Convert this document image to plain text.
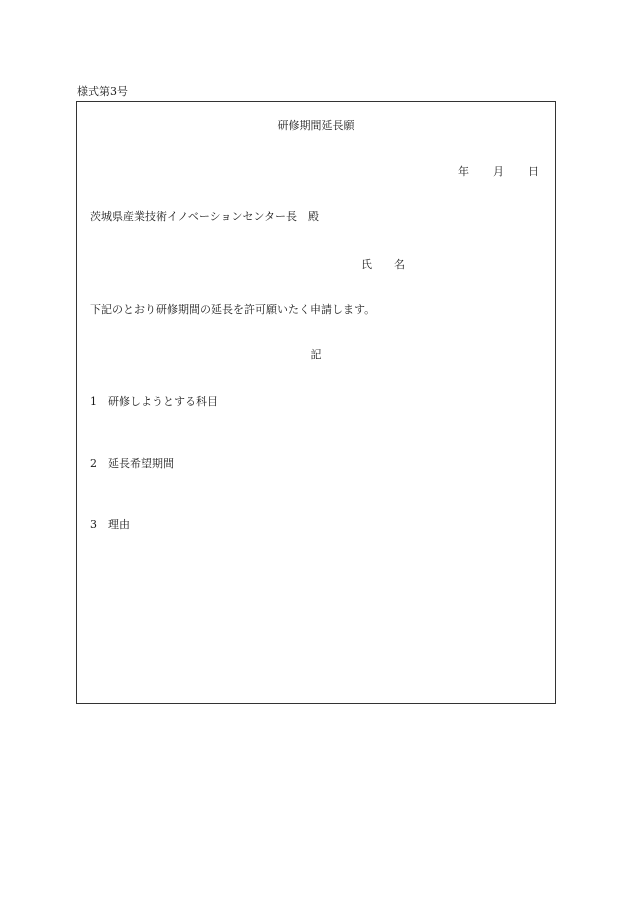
様式第3号
研修期間延長願
年 月 日
茨城県産業技術イノベーションセンター長 殿
氏 名
下記のとおり研修期間の延長を許可願いたく申請します。
記
1 研修しようとする科目
2 延長希望期間
3 理由
